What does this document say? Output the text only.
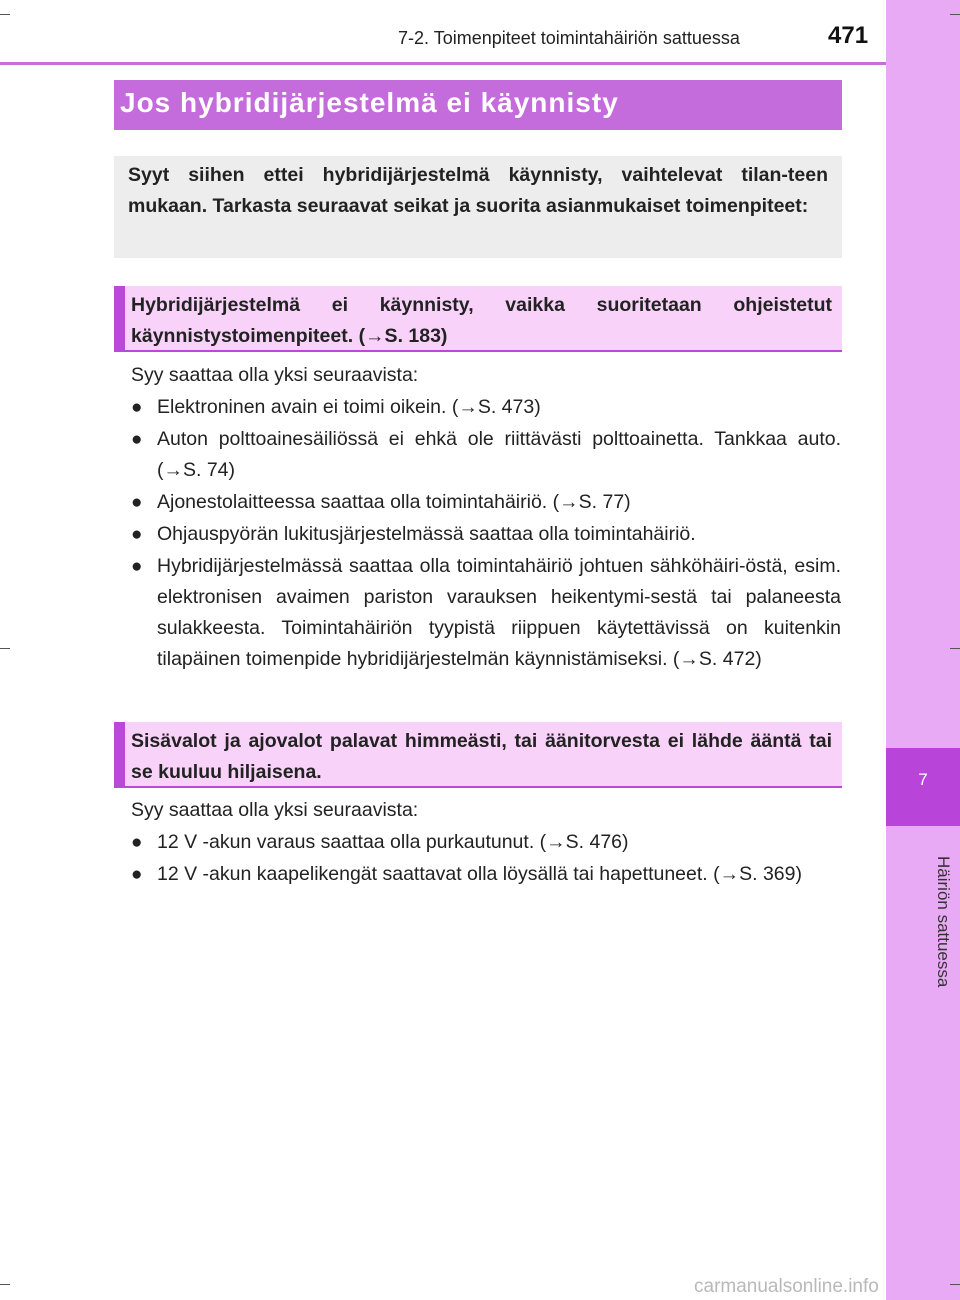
7
Häiriön sattuessa
7-2. Toimenpiteet toimintahäiriön sattuessa	471
Jos hybridijärjestelmä ei käynnisty
Syyt siihen ettei hybridijärjestelmä käynnisty, vaihtelevat tilan-teen mukaan. Tarkasta seuraavat seikat ja suorita asianmukaiset toimenpiteet:
Hybridijärjestelmä ei käynnisty, vaikka suoritetaan ohjeistetut käynnistystoimenpiteet. (→S. 183)

Syy saattaa olla yksi seuraavista:

● Elektroninen avain ei toimi oikein. (→S. 473)

● Auton polttoainesäiliössä ei ehkä ole riittävästi polttoainetta. Tankkaa auto. (→S. 74)

● Ajonestolaitteessa saattaa olla toimintahäiriö. (→S. 77)

● Ohjauspyörän lukitusjärjestelmässä saattaa olla toimintahäiriö.

● Hybridijärjestelmässä saattaa olla toimintahäiriö johtuen sähköhäiri-östä, esim. elektronisen avaimen pariston varauksen heikentymi-sestä tai palaneesta sulakkeesta. Toimintahäiriön tyypistä riippuen käytettävissä on kuitenkin tilapäinen toimenpide hybridijärjestelmän käynnistämiseksi. (→S. 472)

Sisävalot ja ajovalot palavat himmeästi, tai äänitorvesta ei lähde ääntä tai se kuuluu hiljaisena.

Syy saattaa olla yksi seuraavista:

● 12 V -akun varaus saattaa olla purkautunut. (→S. 476)

● 12 V -akun kaapelikengät saattavat olla löysällä tai hapettuneet. (→S. 369)

carmanualsonline.info
